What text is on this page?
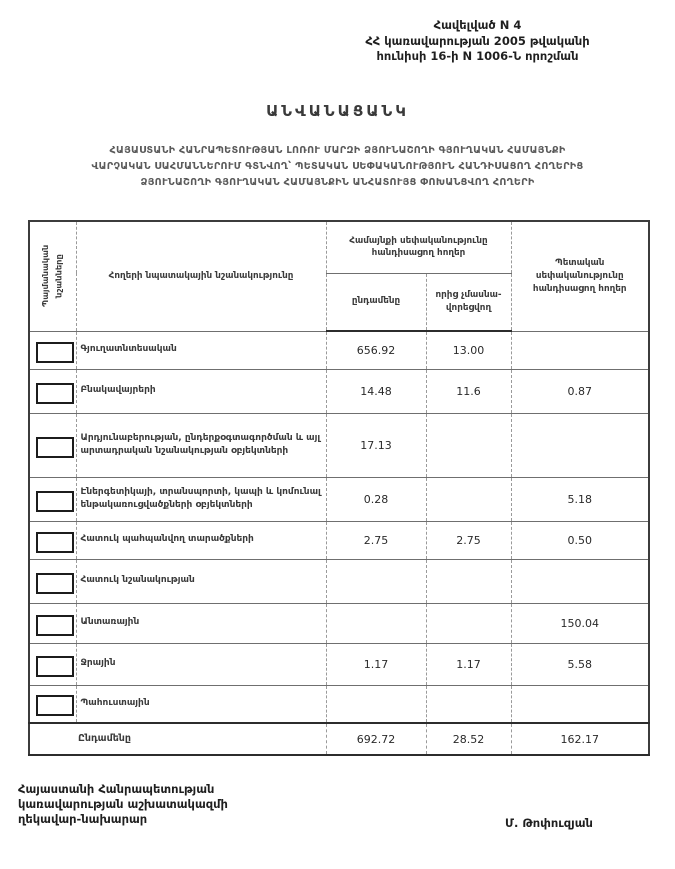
Հավելված N 4
ՀՀ կառավարության 2005 թվականի
հունիսի 16-ի N 1006-Ն որոշման
ԱՆՎԱՆԱՑԱՆԿ
ՀԱՅԱՍՏԱՆԻ ՀԱՆՐԱՊԵՏՈՒԹՅԱՆ ԼՈՌՈՒ ՄԱՐԶԻ ՁՅՈՒՆԱՇՈՂԻ ԳՅՈՒՂԱԿԱՆ ՀԱՄԱՅՆՔԻ
ՎԱՐՉԱԿԱՆ ՍԱՀՄԱՆՆԵՐՈՒՄ ԳՏՆՎՈՂ՝ ՊԵՏԱԿԱՆ ՍԵՓԱԿԱՆՈՒԹՅՈՒՆ ՀԱՆԴԻՍԱՑՈՂ ՀՈՂԵՐԻՑ
ՁՅՈՒՆԱՇՈՂԻ ԳՅՈՒՂԱԿԱՆ ՀԱՄԱՅՆՔԻՆ ԱՆՀԱՏՈՒՅՑ ՓՈԽԱՆՑՎՈՂ ՀՈՂԵՐԻ
Պայմանական նշանները	Հողերի նպատակային նշանակությունը	Համայնքի սեփականությունը հանդիսացող հողեր		Պետական սեփականությունը հանդիսացող հողեր
		ընդամենը	որից չմասնա-վորեցվող	

	Գյուղատնտեսական	656.92	13.00	

	Բնակավայրերի	14.48	11.6	0.87

	Արդյունաբերության, ընդերքօգտագործման և այլ արտադրական նշանակության օբյեկտների	17.13		

	Էներգետիկայի, տրանսպորտի, կապի և կոմունալ ենթակառուցվածքների օբյեկտների	0.28		5.18

	Հատուկ պահպանվող տարածքների	2.75	2.75	0.50

	Հատուկ նշանակության			

	Անտառային			150.04

	Ջրային	1.17	1.17	5.58

	Պահուստային			
Ընդամենը		692.72	28.52	162.17
Հայաստանի Հանրապետության
կառավարության աշխատակազմի
ղեկավար-նախարար	Մ. Թոփուզյան
